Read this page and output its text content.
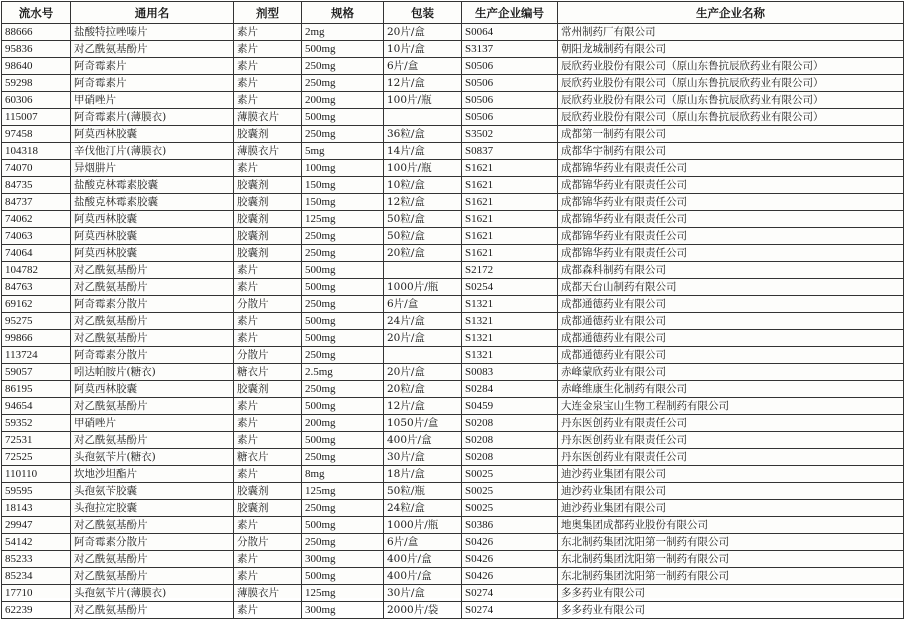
流水号	通用名	剂型	规格	包装	生产企业编号	生产企业名称
88666	盐酸特拉唑嗪片	素片	2mg	20片/盒	S0064	常州制药厂有限公司
95836	对乙酰氨基酚片	素片	500mg	10片/盒	S3137	朝阳龙城制药有限公司
98640	阿奇霉素片	素片	250mg	6片/盒	S0506	辰欣药业股份有限公司（原山东鲁抗辰欣药业有限公司）
59298	阿奇霉素片	素片	250mg	12片/盒	S0506	辰欣药业股份有限公司（原山东鲁抗辰欣药业有限公司）
60306	甲硝唑片	素片	200mg	100片/瓶	S0506	辰欣药业股份有限公司（原山东鲁抗辰欣药业有限公司）
115007	阿奇霉素片(薄膜衣)	薄膜衣片	500mg		S0506	辰欣药业股份有限公司（原山东鲁抗辰欣药业有限公司）
97458	阿莫西林胶囊	胶囊剂	250mg	36粒/盒	S3502	成都第一制药有限公司
104318	辛伐他汀片(薄膜衣)	薄膜衣片	5mg	14片/盒	S0837	成都华宇制药有限公司
74070	异烟肼片	素片	100mg	100片/瓶	S1621	成都锦华药业有限责任公司
84735	盐酸克林霉素胶囊	胶囊剂	150mg	10粒/盒	S1621	成都锦华药业有限责任公司
84737	盐酸克林霉素胶囊	胶囊剂	150mg	12粒/盒	S1621	成都锦华药业有限责任公司
74062	阿莫西林胶囊	胶囊剂	125mg	50粒/盒	S1621	成都锦华药业有限责任公司
74063	阿莫西林胶囊	胶囊剂	250mg	50粒/盒	S1621	成都锦华药业有限责任公司
74064	阿莫西林胶囊	胶囊剂	250mg	20粒/盒	S1621	成都锦华药业有限责任公司
104782	对乙酰氨基酚片	素片	500mg		S2172	成都森科制药有限公司
84763	对乙酰氨基酚片	素片	500mg	1000片/瓶	S0254	成都天台山制药有限公司
69162	阿奇霉素分散片	分散片	250mg	6片/盒	S1321	成都通德药业有限公司
95275	对乙酰氨基酚片	素片	500mg	24片/盒	S1321	成都通德药业有限公司
99866	对乙酰氨基酚片	素片	500mg	20片/盒	S1321	成都通德药业有限公司
113724	阿奇霉素分散片	分散片	250mg		S1321	成都通德药业有限公司
59057	吲达帕胺片(糖衣)	糖衣片	2.5mg	20片/盒	S0083	赤峰蒙欣药业有限公司
86195	阿莫西林胶囊	胶囊剂	250mg	20粒/盒	S0284	赤峰维康生化制药有限公司
94654	对乙酰氨基酚片	素片	500mg	12片/盒	S0459	大连金泉宝山生物工程制药有限公司
59352	甲硝唑片	素片	200mg	1050片/盒	S0208	丹东医创药业有限责任公司
72531	对乙酰氨基酚片	素片	500mg	400片/盒	S0208	丹东医创药业有限责任公司
72525	头孢氨苄片(糖衣)	糖衣片	250mg	30片/盒	S0208	丹东医创药业有限责任公司
110110	坎地沙坦酯片	素片	8mg	18片/盒	S0025	迪沙药业集团有限公司
59595	头孢氨苄胶囊	胶囊剂	125mg	50粒/瓶	S0025	迪沙药业集团有限公司
18143	头孢拉定胶囊	胶囊剂	250mg	24粒/盒	S0025	迪沙药业集团有限公司
29947	对乙酰氨基酚片	素片	500mg	1000片/瓶	S0386	地奥集团成都药业股份有限公司
54142	阿奇霉素分散片	分散片	250mg	6片/盒	S0426	东北制药集团沈阳第一制药有限公司
85233	对乙酰氨基酚片	素片	300mg	400片/盒	S0426	东北制药集团沈阳第一制药有限公司
85234	对乙酰氨基酚片	素片	500mg	400片/盒	S0426	东北制药集团沈阳第一制药有限公司
17710	头孢氨苄片(薄膜衣)	薄膜衣片	125mg	30片/盒	S0274	多多药业有限公司
62239	对乙酰氨基酚片	素片	300mg	2000片/袋	S0274	多多药业有限公司
